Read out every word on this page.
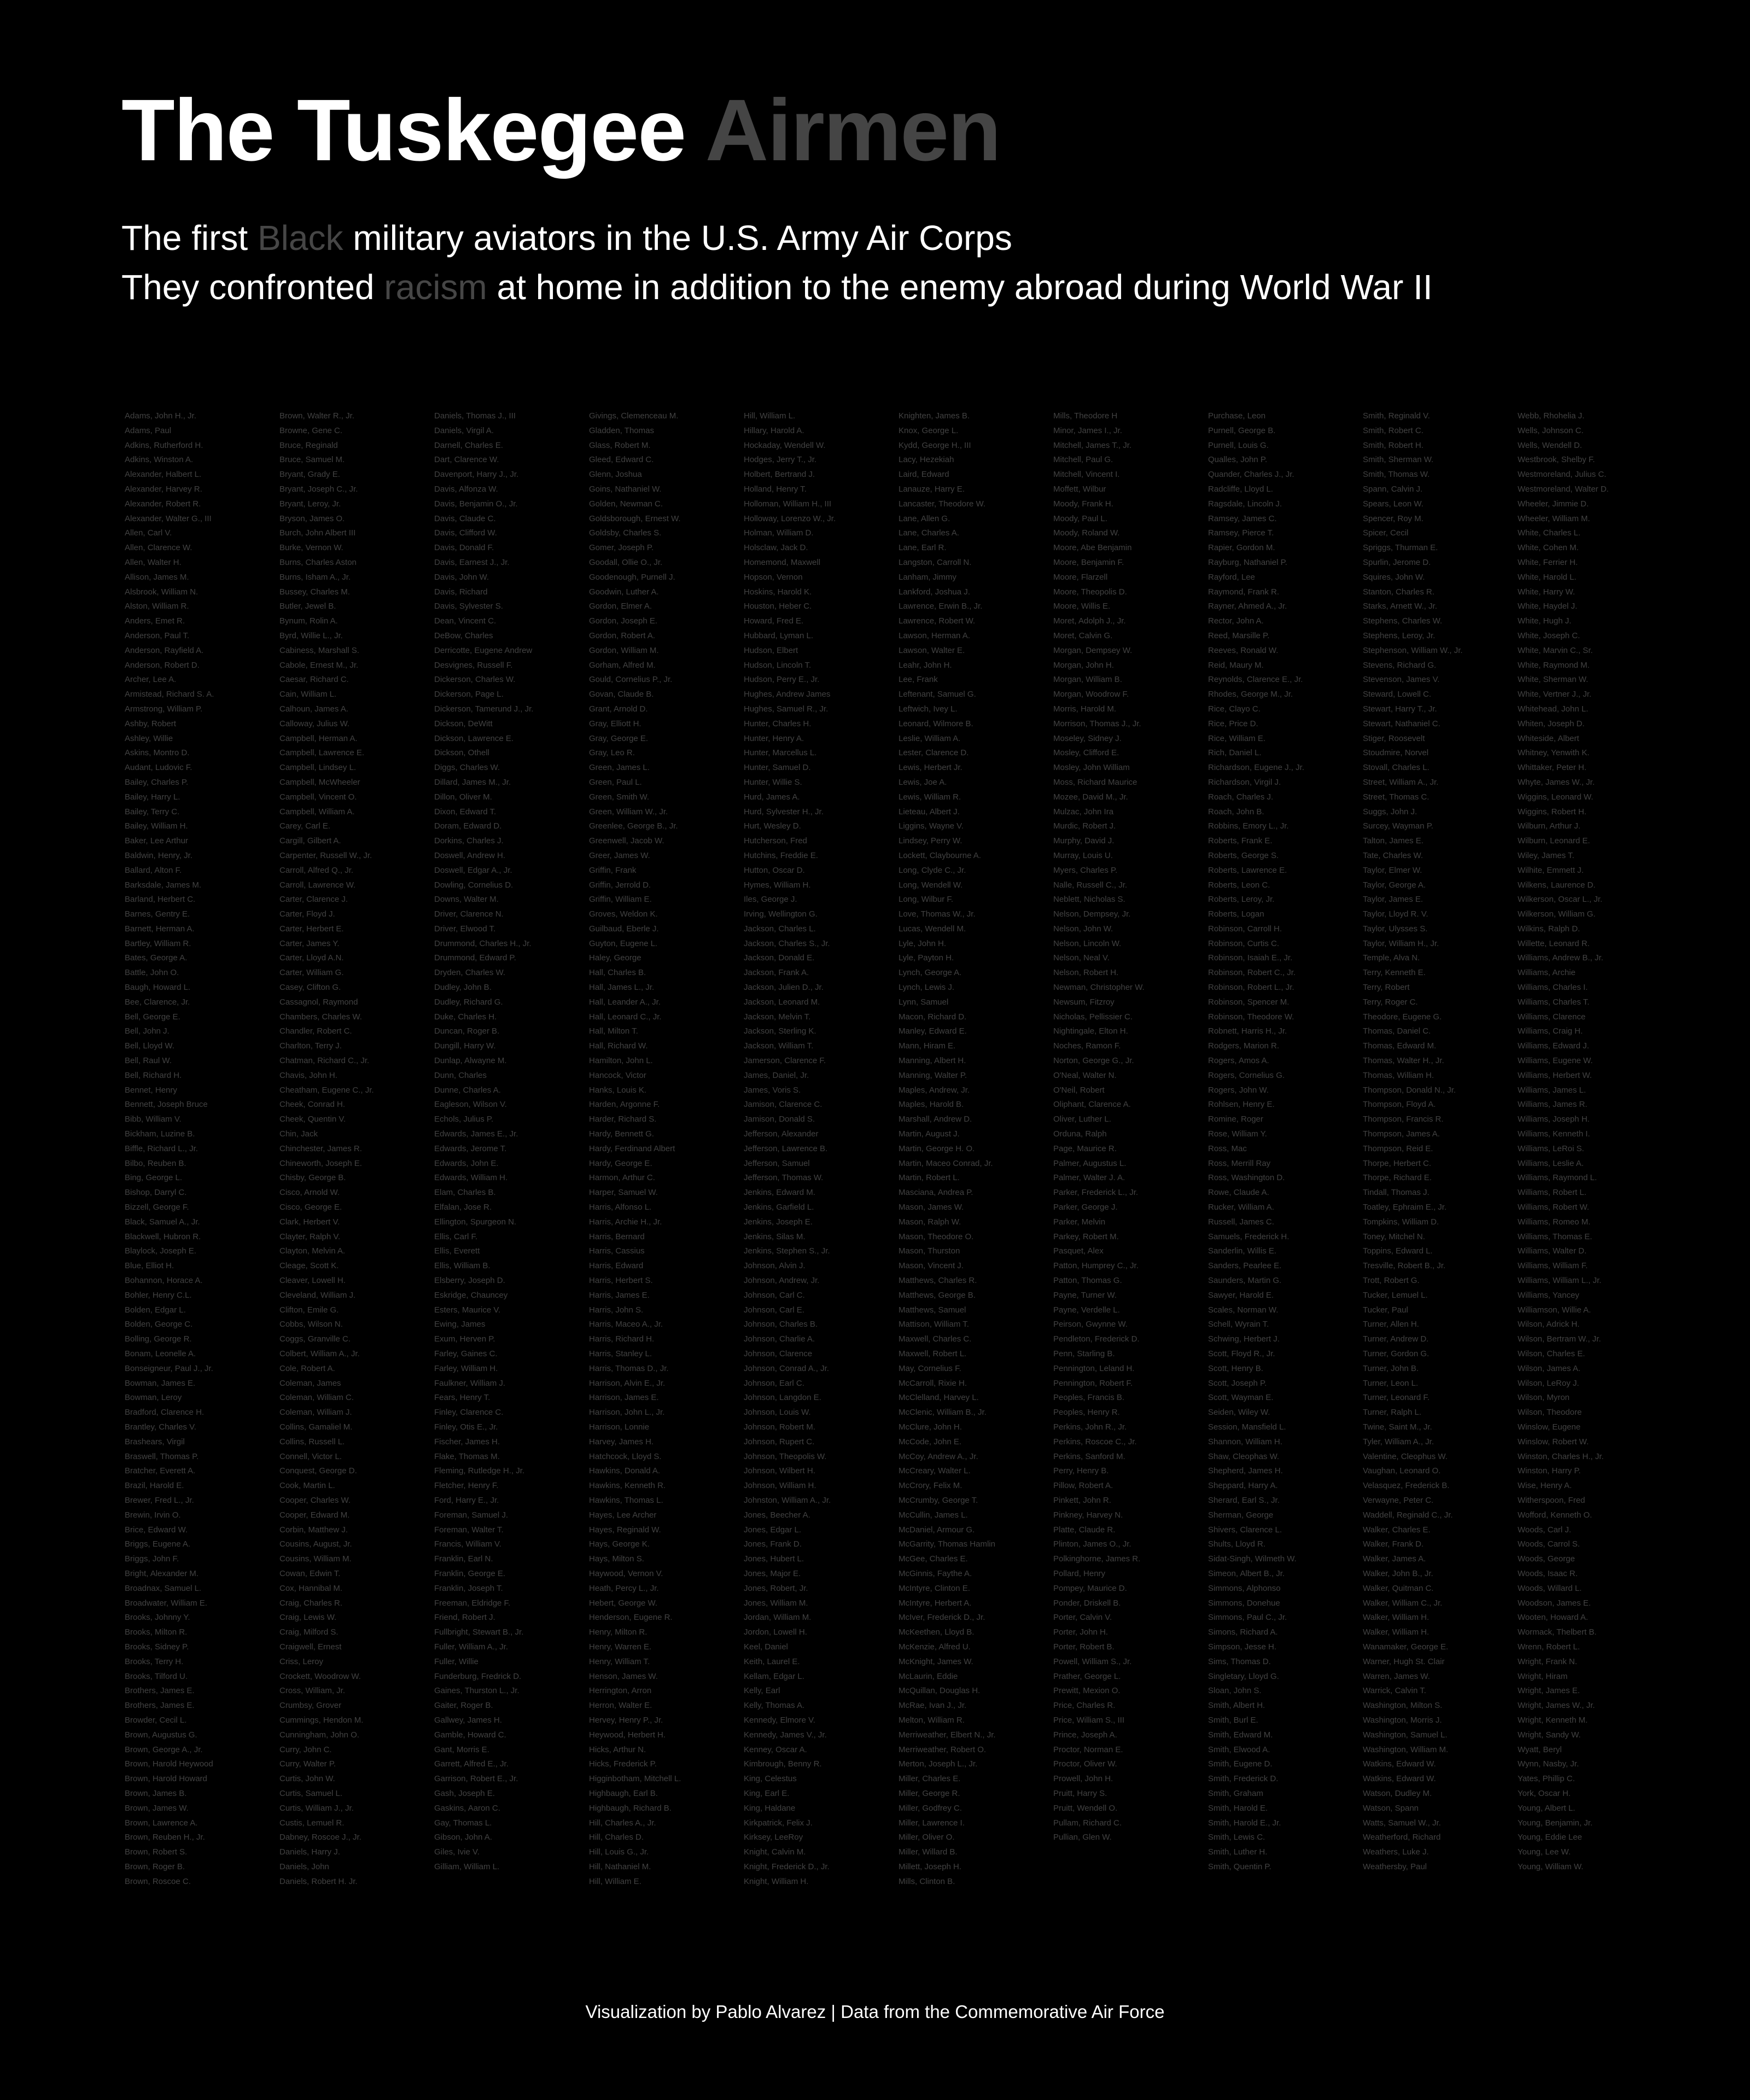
The Tuskegee Airmen
The first Black military aviators in the U.S. Army Air Corps
They confronted racism at home in addition to the enemy abroad during World War II
Adams, John H., Jr.
Adams, Paul
Adkins, Rutherford H.
Adkins, Winston A.
Alexander, Halbert L.
Alexander, Harvey R.
Alexander, Robert R.
Alexander, Walter G., III
Allen, Carl V.
Allen, Clarence W.
Allen, Walter H.
Allison, James M.
Alsbrook, William N.
Alston, William R.
Anders, Emet R.
Anderson, Paul T.
Anderson, Rayfield A.
Anderson, Robert D.
Archer, Lee A.
Armistead, Richard S. A.
Armstrong, William P.
Ashby, Robert
Ashley, Willie
Askins, Montro D.
Audant, Ludovic F.
Bailey, Charles P.
Bailey, Harry L.
Bailey, Terry C.
Bailey, William H.
Baker, Lee Arthur
Baldwin, Henry, Jr.
Ballard, Alton F.
Barksdale, James M.
Barland, Herbert C.
Barnes, Gentry E.
Barnett, Herman A.
Bartley, William R.
Bates, George A.
Battle, John O.
Baugh, Howard L.
Bee, Clarence, Jr.
Bell, George E.
Bell, John J.
Bell, Lloyd W.
Bell, Raul W.
Bell, Richard H.
Bennet, Henry
Bennett, Joseph Bruce
Bibb, William V.
Bickham, Luzine B.
Biffle, Richard L., Jr.
Bilbo, Reuben B.
Bing, George L.
Bishop, Darryl C.
Bizzell, George F.
Black, Samuel A., Jr.
Blackwell, Hubron R.
Blaylock, Joseph E.
Blue, Elliot H.
Bohannon, Horace A.
Bohler, Henry C.L.
Bolden, Edgar L.
Bolden, George C.
Bolling, George R.
Bonam, Leonelle A.
Bonseigneur, Paul J., Jr.
Bowman, James E.
Bowman, Leroy
Bradford, Clarence H.
Brantley, Charles V.
Brashears, Virgil
Braswell, Thomas P.
Bratcher, Everett A.
Brazil, Harold E.
Brewer, Fred L., Jr.
Brewin, Irvin O.
Brice, Edward W.
Briggs, Eugene A.
Briggs, John F.
Bright, Alexander M.
Broadnax, Samuel L.
Broadwater, William E.
Brooks, Johnny Y.
Brooks, Milton R.
Brooks, Sidney P.
Brooks, Terry H.
Brooks, Tilford U.
Brothers, James E.
Brothers, James E.
Browder, Cecil L.
Brown, Augustus G.
Brown, George A., Jr.
Brown, Harold Heywood
Brown, Harold Howard
Brown, James B.
Brown, James W.
Brown, Lawrence A.
Brown, Reuben H., Jr.
Brown, Robert S.
Brown, Roger B.
Brown, Roscoe C.
Brown, Walter R., Jr.
Browne, Gene C.
Bruce, Reginald
Bruce, Samuel M.
Bryant, Grady E.
Bryant, Joseph C., Jr.
Bryant, Leroy, Jr.
Bryson, James O.
Burch, John Albert III
Burke, Vernon W.
Burns, Charles Aston
Burns, Isham A., Jr.
Bussey, Charles M.
Butler, Jewel B.
Bynum, Rolin A.
Byrd, Willie L., Jr.
Cabiness, Marshall S.
Cabole, Ernest M., Jr.
Caesar, Richard C.
Cain, William L.
Calhoun, James A.
Calloway, Julius W.
Campbell, Herman A.
Campbell, Lawrence E.
Campbell, Lindsey L.
Campbell, McWheeler
Campbell, Vincent O.
Campbell, William A.
Carey, Carl E.
Cargill, Gilbert A.
Carpenter, Russell W., Jr.
Carroll, Alfred Q., Jr.
Carroll, Lawrence W.
Carter, Clarence J.
Carter, Floyd J.
Carter, Herbert E.
Carter, James Y.
Carter, Lloyd A.N.
Carter, William G.
Casey, Clifton G.
Cassagnol, Raymond
Chambers, Charles W.
Chandler, Robert C.
Charlton, Terry J.
Chatman, Richard C., Jr.
Chavis, John H.
Cheatham, Eugene C., Jr.
Cheek, Conrad H.
Cheek, Quentin V.
Chin, Jack
Chinchester, James R.
Chineworth, Joseph E.
Chisby, George B.
Cisco, Arnold W.
Cisco, George E.
Clark, Herbert V.
Clayter, Ralph V.
Clayton, Melvin A.
Cleage, Scott K.
Cleaver, Lowell H.
Cleveland, William J.
Clifton, Emile G.
Cobbs, Wilson N.
Coggs, Granville C.
Colbert, William A., Jr.
Cole, Robert A.
Coleman, James
Coleman, William C.
Coleman, William J.
Collins, Gamaliel M.
Collins, Russell L.
Connell, Victor L.
Conquest, George D.
Cook, Martin L.
Cooper, Charles W.
Cooper, Edward M.
Corbin, Matthew J.
Cousins, August, Jr.
Cousins, William M.
Cowan, Edwin T.
Cox, Hannibal M.
Craig, Charles R.
Craig, Lewis W.
Craig, Milford S.
Craigwell, Ernest
Criss, Leroy
Crockett, Woodrow W.
Cross, William, Jr.
Crumbsy, Grover
Cummings, Hendon M.
Cunningham, John O.
Curry, John C.
Curry, Walter P.
Curtis, John W.
Curtis, Samuel L.
Curtis, William J., Jr.
Custis, Lemuel R.
Dabney, Roscoe J., Jr.
Daniels, Harry J.
Daniels, John
Daniels, Robert H. Jr.
Daniels, Thomas J., III
Daniels, Virgil A.
Darnell, Charles E.
Dart, Clarence W.
Davenport, Harry J., Jr.
Davis, Alfonza W.
Davis, Benjamin O., Jr.
Davis, Claude C.
Davis, Clifford W.
Davis, Donald F.
Davis, Earnest J., Jr.
Davis, John W.
Davis, Richard
Davis, Sylvester S.
Dean, Vincent C.
DeBow, Charles
Derricotte, Eugene Andrew
Desvignes, Russell F.
Dickerson, Charles W.
Dickerson, Page L.
Dickerson, Tamerund J., Jr.
Dickson, DeWitt
Dickson, Lawrence E.
Dickson, Othell
Diggs, Charles W.
Dillard, James M., Jr.
Dillon, Oliver M.
Dixon, Edward T.
Doram, Edward D.
Dorkins, Charles J.
Doswell, Andrew H.
Doswell, Edgar A., Jr.
Dowling, Cornelius D.
Downs, Walter M.
Driver, Clarence N.
Driver, Elwood T.
Drummond, Charles H., Jr.
Drummond, Edward P.
Dryden, Charles W.
Dudley, John B.
Dudley, Richard G.
Duke, Charles H.
Duncan, Roger B.
Dungill, Harry W.
Dunlap, Alwayne M.
Dunn, Charles
Dunne, Charles A.
Eagleson, Wilson V.
Echols, Julius P.
Edwards, James E., Jr.
Edwards, Jerome T.
Edwards, John E.
Edwards, William H.
Elam, Charles B.
Elfalan, Jose R.
Ellington, Spurgeon N.
Ellis, Carl F.
Ellis, Everett
Ellis, William B.
Elsberry, Joseph D.
Eskridge, Chauncey
Esters, Maurice V.
Ewing, James
Exum, Herven P.
Farley, Gaines C.
Farley, William H.
Faulkner, William J.
Fears, Henry T.
Finley, Clarence C.
Finley, Otis E., Jr.
Fischer, James H.
Flake, Thomas M.
Fleming, Rutledge H., Jr.
Fletcher, Henry F.
Ford, Harry E., Jr.
Foreman, Samuel J.
Foreman, Walter T.
Francis, William V.
Franklin, Earl N.
Franklin, George E.
Franklin, Joseph T.
Freeman, Eldridge F.
Friend, Robert J.
Fullbright, Stewart B., Jr.
Fuller, William A., Jr.
Fuller, Willie
Funderburg, Fredrick D.
Gaines, Thurston L., Jr.
Gaiter, Roger B.
Gallwey, James H.
Gamble, Howard C.
Gant, Morris E.
Garrett, Alfred E., Jr.
Garrison, Robert E., Jr.
Gash, Joseph E.
Gaskins, Aaron C.
Gay, Thomas L.
Gibson, John A.
Giles, Ivie V.
Gilliam, William L.
Givings, Clemenceau M.
Gladden, Thomas
Glass, Robert M.
Gleed, Edward C.
Glenn, Joshua
Goins, Nathaniel W.
Golden, Newman C.
Goldsborough, Ernest W.
Goldsby, Charles S.
Gomer, Joseph P.
Goodall, Ollie O., Jr.
Goodenough, Purnell J.
Goodwin, Luther A.
Gordon, Elmer A.
Gordon, Joseph E.
Gordon, Robert A.
Gordon, William M.
Gorham, Alfred M.
Gould, Cornelius P., Jr.
Govan, Claude B.
Grant, Arnold D.
Gray, Elliott H.
Gray, George E.
Gray, Leo R.
Green, James L.
Green, Paul L.
Green, Smith W.
Green, William W., Jr.
Greenlee, George B., Jr.
Greenwell, Jacob W.
Greer, James W.
Griffin, Frank
Griffin, Jerrold D.
Griffin, William E.
Groves, Weldon K.
Guilbaud, Eberle J.
Guyton, Eugene L.
Haley, George
Hall, Charles B.
Hall, James L., Jr.
Hall, Leander A., Jr.
Hall, Leonard C., Jr.
Hall, Milton T.
Hall, Richard W.
Hamilton, John L.
Hancock, Victor
Hanks, Louis K.
Harden, Argonne F.
Harder, Richard S.
Hardy, Bennett G.
Hardy, Ferdinand Albert
Hardy, George E.
Harmon, Arthur C.
Harper, Samuel W.
Harris, Alfonso L.
Harris, Archie H., Jr.
Harris, Bernard
Harris, Cassius
Harris, Edward
Harris, Herbert S.
Harris, James E.
Harris, John S.
Harris, Maceo A., Jr.
Harris, Richard H.
Harris, Stanley L.
Harris, Thomas D., Jr.
Harrison, Alvin E., Jr.
Harrison, James E.
Harrison, John L., Jr.
Harrison, Lonnie
Harvey, James H.
Hatchcock, Lloyd S.
Hawkins, Donald A.
Hawkins, Kenneth R.
Hawkins, Thomas L.
Hayes, Lee Archer
Hayes, Reginald W.
Hays, George K.
Hays, Milton S.
Haywood, Vernon V.
Heath, Percy L., Jr.
Hebert, George W.
Henderson, Eugene R.
Henry, Milton R.
Henry, Warren E.
Henry, William T.
Henson, James W.
Herrington, Arron
Herron, Walter E.
Hervey, Henry P., Jr.
Heywood, Herbert H.
Hicks, Arthur N.
Hicks, Frederick P.
Higginbotham, Mitchell L.
Highbaugh, Earl B.
Highbaugh, Richard B.
Hill, Charles A., Jr.
Hill, Charles D.
Hill, Louis G., Jr.
Hill, Nathaniel M.
Hill, William E.
Hill, William L.
Hillary, Harold A.
Hockaday, Wendell W.
Hodges, Jerry T., Jr.
Holbert, Bertrand J.
Holland, Henry T.
Holloman, William H., III
Holloway, Lorenzo W., Jr.
Holman, William D.
Holsclaw, Jack D.
Homemond, Maxwell
Hopson, Vernon
Hoskins, Harold K.
Houston, Heber C.
Howard, Fred E.
Hubbard, Lyman L.
Hudson, Elbert
Hudson, Lincoln T.
Hudson, Perry E., Jr.
Hughes, Andrew James
Hughes, Samuel R., Jr.
Hunter, Charles H.
Hunter, Henry A.
Hunter, Marcellus L.
Hunter, Samuel D.
Hunter, Willie S.
Hurd, James A.
Hurd, Sylvester H., Jr.
Hurt, Wesley D.
Hutcherson, Fred
Hutchins, Freddie E.
Hutton, Oscar D.
Hymes, William H.
Iles, George J.
Irving, Wellington G.
Jackson, Charles L.
Jackson, Charles S., Jr.
Jackson, Donald E.
Jackson, Frank A.
Jackson, Julien D., Jr.
Jackson, Leonard M.
Jackson, Melvin T.
Jackson, Sterling K.
Jackson, William T.
Jamerson, Clarence F.
James, Daniel, Jr.
James, Voris S.
Jamison, Clarence C.
Jamison, Donald S.
Jefferson, Alexander
Jefferson, Lawrence B.
Jefferson, Samuel
Jefferson, Thomas W.
Jenkins, Edward M.
Jenkins, Garfield L.
Jenkins, Joseph E.
Jenkins, Silas M.
Jenkins, Stephen S., Jr.
Johnson, Alvin J.
Johnson, Andrew, Jr.
Johnson, Carl C.
Johnson, Carl E.
Johnson, Charles B.
Johnson, Charlie A.
Johnson, Clarence
Johnson, Conrad A., Jr.
Johnson, Earl C.
Johnson, Langdon E.
Johnson, Louis W.
Johnson, Robert M.
Johnson, Rupert C.
Johnson, Theopolis W.
Johnson, Wilbert H.
Johnson, William H.
Johnston, William A., Jr.
Jones, Beecher A.
Jones, Edgar L.
Jones, Frank D.
Jones, Hubert L.
Jones, Major E.
Jones, Robert, Jr.
Jones, William M.
Jordan, William M.
Jordon, Lowell H.
Keel, Daniel
Keith, Laurel E.
Kellam, Edgar L.
Kelly, Earl
Kelly, Thomas A.
Kennedy, Elmore V.
Kennedy, James V., Jr.
Kenney, Oscar A.
Kimbrough, Benny R.
King, Celestus
King, Earl E.
King, Haldane
Kirkpatrick, Felix J.
Kirksey, LeeRoy
Knight, Calvin M.
Knight, Frederick D., Jr.
Knight, William H.
Knighten, James B.
Knox, George L.
Kydd, George H., III
Lacy, Hezekiah
Laird, Edward
Lanauze, Harry E.
Lancaster, Theodore W.
Lane, Allen G.
Lane, Charles A.
Lane, Earl R.
Langston, Carroll N.
Lanham, Jimmy
Lankford, Joshua J.
Lawrence, Erwin B., Jr.
Lawrence, Robert W.
Lawson, Herman A.
Lawson, Walter E.
Leahr, John H.
Lee, Frank
Leftenant, Samuel G.
Leftwich, Ivey L.
Leonard, Wilmore B.
Leslie, William A.
Lester, Clarence D.
Lewis, Herbert Jr.
Lewis, Joe A.
Lewis, William R.
Lieteau, Albert J.
Liggins, Wayne V.
Lindsey, Perry W.
Lockett, Claybourne A.
Long, Clyde C., Jr.
Long, Wendell W.
Long, Wilbur F.
Love, Thomas W., Jr.
Lucas, Wendell M.
Lyle, John H.
Lyle, Payton H.
Lynch, George A.
Lynch, Lewis J.
Lynn, Samuel
Macon, Richard D.
Manley, Edward E.
Mann, Hiram E.
Manning, Albert H.
Manning, Walter P.
Maples, Andrew, Jr.
Maples, Harold B.
Marshall, Andrew D.
Martin, August J.
Martin, George H. O.
Martin, Maceo Conrad, Jr.
Martin, Robert L.
Masciana, Andrea P.
Mason, James W.
Mason, Ralph W.
Mason, Theodore O.
Mason, Thurston
Mason, Vincent J.
Matthews, Charles R.
Matthews, George B.
Matthews, Samuel
Mattison, William T.
Maxwell, Charles C.
Maxwell, Robert L.
May, Cornelius F.
McCarroll, Rixie H.
McClelland, Harvey L.
McClenic, William B., Jr.
McClure, John H.
McCode, John E.
McCoy, Andrew A., Jr.
McCreary, Walter L.
McCrory, Felix M.
McCrumby, George T.
McCullin, James L.
McDaniel, Armour G.
McGarrity, Thomas Hamlin
McGee, Charles E.
McGinnis, Faythe A.
McIntyre, Clinton E.
McIntyre, Herbert A.
McIver, Frederick D., Jr.
McKeethen, Lloyd B.
McKenzie, Alfred U.
McKnight, James W.
McLaurin, Eddie
McQuillan, Douglas H.
McRae, Ivan J., Jr.
Melton, William R.
Merriweather, Elbert N., Jr.
Merriweather, Robert O.
Merton, Joseph L., Jr.
Miller, Charles E.
Miller, George R.
Miller, Godfrey C.
Miller, Lawrence I.
Miller, Oliver O.
Miller, Willard B.
Millett, Joseph H.
Mills, Clinton B.
Mills, Theodore H
Minor, James I., Jr.
Mitchell, James T., Jr.
Mitchell, Paul G.
Mitchell, Vincent I.
Moffett, Wilbur
Moody, Frank H.
Moody, Paul L.
Moody, Roland W.
Moore, Abe Benjamin
Moore, Benjamin F.
Moore, Flarzell
Moore, Theopolis D.
Moore, Willis E.
Moret, Adolph J., Jr.
Moret, Calvin G.
Morgan, Dempsey W.
Morgan, John H.
Morgan, William B.
Morgan, Woodrow F.
Morris, Harold M.
Morrison, Thomas J., Jr.
Moseley, Sidney J.
Mosley, Clifford E.
Mosley, John William
Moss, Richard Maurice
Mozee, David M., Jr.
Mulzac, John Ira
Murdic, Robert J.
Murphy, David J.
Murray, Louis U.
Myers, Charles P.
Nalle, Russell C., Jr.
Neblett, Nicholas S.
Nelson, Dempsey, Jr.
Nelson, John W.
Nelson, Lincoln W.
Nelson, Neal V.
Nelson, Robert H.
Newman, Christopher W.
Newsum, Fitzroy
Nicholas, Pellissier C.
Nightingale, Elton H.
Noches, Ramon F.
Norton, George G., Jr.
O'Neal, Walter N.
O'Neil, Robert
Oliphant, Clarence A.
Oliver, Luther L.
Orduna, Ralph
Page, Maurice R.
Palmer, Augustus L.
Palmer, Walter J. A.
Parker, Frederick L., Jr.
Parker, George J.
Parker, Melvin
Parkey, Robert M.
Pasquet, Alex
Patton, Humprey C., Jr.
Patton, Thomas G.
Payne, Turner W.
Payne, Verdelle L.
Peirson, Gwynne W.
Pendleton, Frederick D.
Penn, Starling B.
Pennington, Leland H.
Pennington, Robert F.
Peoples, Francis B.
Peoples, Henry R.
Perkins, John R., Jr.
Perkins, Roscoe C., Jr.
Perkins, Sanford M.
Perry, Henry B.
Pillow, Robert A.
Pinkett, John R.
Pinkney, Harvey N.
Platte, Claude R.
Plinton, James O., Jr.
Polkinghorne, James R.
Pollard, Henry
Pompey, Maurice D.
Ponder, Driskell B.
Porter, Calvin V.
Porter, John H.
Porter, Robert B.
Powell, William S., Jr.
Prather, George L.
Prewitt, Mexion O.
Price, Charles R.
Price, William S., III
Prince, Joseph A.
Proctor, Norman E.
Proctor, Oliver W.
Prowell, John H.
Pruitt, Harry S.
Pruitt, Wendell O.
Pullam, Richard C.
Pullian, Glen W.
Purchase, Leon
Purnell, George B.
Purnell, Louis G.
Qualles, John P.
Quander, Charles J., Jr.
Radcliffe, Lloyd L.
Ragsdale, Lincoln J.
Ramsey, James C.
Ramsey, Pierce T.
Rapier, Gordon M.
Rayburg, Nathaniel P.
Rayford, Lee
Raymond, Frank R.
Rayner, Ahmed A., Jr.
Rector, John A.
Reed, Marsille P.
Reeves, Ronald W.
Reid, Maury M.
Reynolds, Clarence E., Jr.
Rhodes, George M., Jr.
Rice, Clayo C.
Rice, Price D.
Rice, William E.
Rich, Daniel L.
Richardson, Eugene J., Jr.
Richardson, Virgil J.
Roach, Charles J.
Roach, John B.
Robbins, Emory L., Jr.
Roberts, Frank E.
Roberts, George S.
Roberts, Lawrence E.
Roberts, Leon C.
Roberts, Leroy, Jr.
Roberts, Logan
Robinson, Carroll H.
Robinson, Curtis C.
Robinson, Isaiah E., Jr.
Robinson, Robert C., Jr.
Robinson, Robert L., Jr.
Robinson, Spencer M.
Robinson, Theodore W.
Robnett, Harris H., Jr.
Rodgers, Marion R.
Rogers, Amos A.
Rogers, Cornelius G.
Rogers, John W.
Rohlsen, Henry E.
Romine, Roger
Rose, William Y.
Ross, Mac
Ross, Merrill Ray
Ross, Washington D.
Rowe, Claude A.
Rucker, William A.
Russell, James C.
Samuels, Frederick H.
Sanderlin, Willis E.
Sanders, Pearlee E.
Saunders, Martin G.
Sawyer, Harold E.
Scales, Norman W.
Schell, Wyrain T.
Schwing, Herbert J.
Scott, Floyd R., Jr.
Scott, Henry B.
Scott, Joseph P.
Scott, Wayman E.
Seiden, Wiley W.
Session, Mansfield L.
Shannon, William H.
Shaw, Cleophas W.
Shepherd, James H.
Sheppard, Harry A.
Sherard, Earl S., Jr.
Sherman, George
Shivers, Clarence L.
Shults, Lloyd R.
Sidat-Singh, Wilmeth W.
Simeon, Albert B., Jr.
Simmons, Alphonso
Simmons, Donehue
Simmons, Paul C., Jr.
Simons, Richard A.
Simpson, Jesse H.
Sims, Thomas D.
Singletary, Lloyd G.
Sloan, John S.
Smith, Albert H.
Smith, Burl E.
Smith, Edward M.
Smith, Elwood A.
Smith, Eugene D.
Smith, Frederick D.
Smith, Graham
Smith, Harold E.
Smith, Harold E., Jr.
Smith, Lewis C.
Smith, Luther H.
Smith, Quentin P.
Smith, Reginald V.
Smith, Robert C.
Smith, Robert H.
Smith, Sherman W.
Smith, Thomas W.
Spann, Calvin J.
Spears, Leon W.
Spencer, Roy M.
Spicer, Cecil
Spriggs, Thurman E.
Spurlin, Jerome D.
Squires, John W.
Stanton, Charles R.
Starks, Arnett W., Jr.
Stephens, Charles W.
Stephens, Leroy, Jr.
Stephenson, William W., Jr.
Stevens, Richard G.
Stevenson, James V.
Steward, Lowell C.
Stewart, Harry T., Jr.
Stewart, Nathaniel C.
Stiger, Roosevelt
Stoudmire, Norvel
Stovall, Charles L.
Street, William A., Jr.
Street, Thomas C.
Suggs, John J.
Surcey, Wayman P.
Talton, James E.
Tate, Charles W.
Taylor, Elmer W.
Taylor, George A.
Taylor, James E.
Taylor, Lloyd R. V.
Taylor, Ulysses S.
Taylor, William H., Jr.
Temple, Alva N.
Terry, Kenneth E.
Terry, Robert
Terry, Roger C.
Theodore, Eugene G.
Thomas, Daniel C.
Thomas, Edward M.
Thomas, Walter H., Jr.
Thomas, William H.
Thompson, Donald N., Jr.
Thompson, Floyd A.
Thompson, Francis R.
Thompson, James A.
Thompson, Reid E.
Thorpe, Herbert C.
Thorpe, Richard E.
Tindall, Thomas J.
Toatley, Ephraim E., Jr.
Tompkins, William D.
Toney, Mitchel N.
Toppins, Edward L.
Tresville, Robert B., Jr.
Trott, Robert G.
Tucker, Lemuel L.
Tucker, Paul
Turner, Allen H.
Turner, Andrew D.
Turner, Gordon G.
Turner, John B.
Turner, Leon L.
Turner, Leonard F.
Turner, Ralph L.
Twine, Saint M., Jr.
Tyler, William A., Jr.
Valentine, Cleophus W.
Vaughan, Leonard O.
Velasquez, Frederick B.
Verwayne, Peter C.
Waddell, Reginald C., Jr.
Walker, Charles E.
Walker, Frank D.
Walker, James A.
Walker, John B., Jr.
Walker, Quitman C.
Walker, William C., Jr.
Walker, William H.
Walker, William H.
Wanamaker, George E.
Warner, Hugh St. Clair
Warren, James W.
Warrick, Calvin T.
Washington, Milton S.
Washington, Morris J.
Washington, Samuel L.
Washington, William M.
Watkins, Edward W.
Watkins, Edward W.
Watson, Dudley M.
Watson, Spann
Watts, Samuel W., Jr.
Weatherford, Richard
Weathers, Luke J.
Weathersby, Paul
Webb, Rhohelia J.
Wells, Johnson C.
Wells, Wendell D.
Westbrook, Shelby F.
Westmoreland, Julius C.
Westmoreland, Walter D.
Wheeler, Jimmie D.
Wheeler, William M.
White, Charles L.
White, Cohen M.
White, Ferrier H.
White, Harold L.
White, Harry W.
White, Haydel J.
White, Hugh J.
White, Joseph C.
White, Marvin C., Sr.
White, Raymond M.
White, Sherman W.
White, Vertner J., Jr.
Whitehead, John L.
Whiten, Joseph D.
Whiteside, Albert
Whitney, Yenwith K.
Whittaker, Peter H.
Whyte, James W., Jr.
Wiggins, Leonard W.
Wiggins, Robert H.
Wilburn, Arthur J.
Wilburn, Leonard E.
Wiley, James T.
Wilhite, Emmett J.
Wilkens, Laurence D.
Wilkerson, Oscar L., Jr.
Wilkerson, William G.
Wilkins, Ralph D.
Willette, Leonard R.
Williams, Andrew B., Jr.
Williams, Archie
Williams, Charles I.
Williams, Charles T.
Williams, Clarence
Williams, Craig H.
Williams, Edward J.
Williams, Eugene W.
Williams, Herbert W.
Williams, James L.
Williams, James R.
Williams, Joseph H.
Williams, Kenneth I.
Williams, LeRoi S.
Williams, Leslie A.
Williams, Raymond L.
Williams, Robert L.
Williams, Robert W.
Williams, Romeo M.
Williams, Thomas E.
Williams, Walter D.
Williams, William F.
Williams, William L., Jr.
Williams, Yancey
Williamson, Willie A.
Wilson, Adrick H.
Wilson, Bertram W., Jr.
Wilson, Charles E.
Wilson, James A.
Wilson, LeRoy J.
Wilson, Myron
Wilson, Theodore
Winslow, Eugene
Winslow, Robert W.
Winston, Charles H., Jr.
Winston, Harry P.
Wise, Henry A.
Witherspoon, Fred
Wofford, Kenneth O.
Woods, Carl J.
Woods, Carrol S.
Woods, George
Woods, Isaac R.
Woods, Willard L.
Woodson, James E.
Wooten, Howard A.
Wormack, Thelbert B.
Wrenn, Robert L.
Wright, Frank N.
Wright, Hiram
Wright, James E.
Wright, James W., Jr.
Wright, Kenneth M.
Wright, Sandy W.
Wyatt, Beryl
Wynn, Nasby, Jr.
Yates, Phillip C.
York, Oscar H.
Young, Albert L.
Young, Benjamin, Jr.
Young, Eddie Lee
Young, Lee W.
Young, William W.
Visualization by Pablo Alvarez | Data from the Commemorative Air Force
